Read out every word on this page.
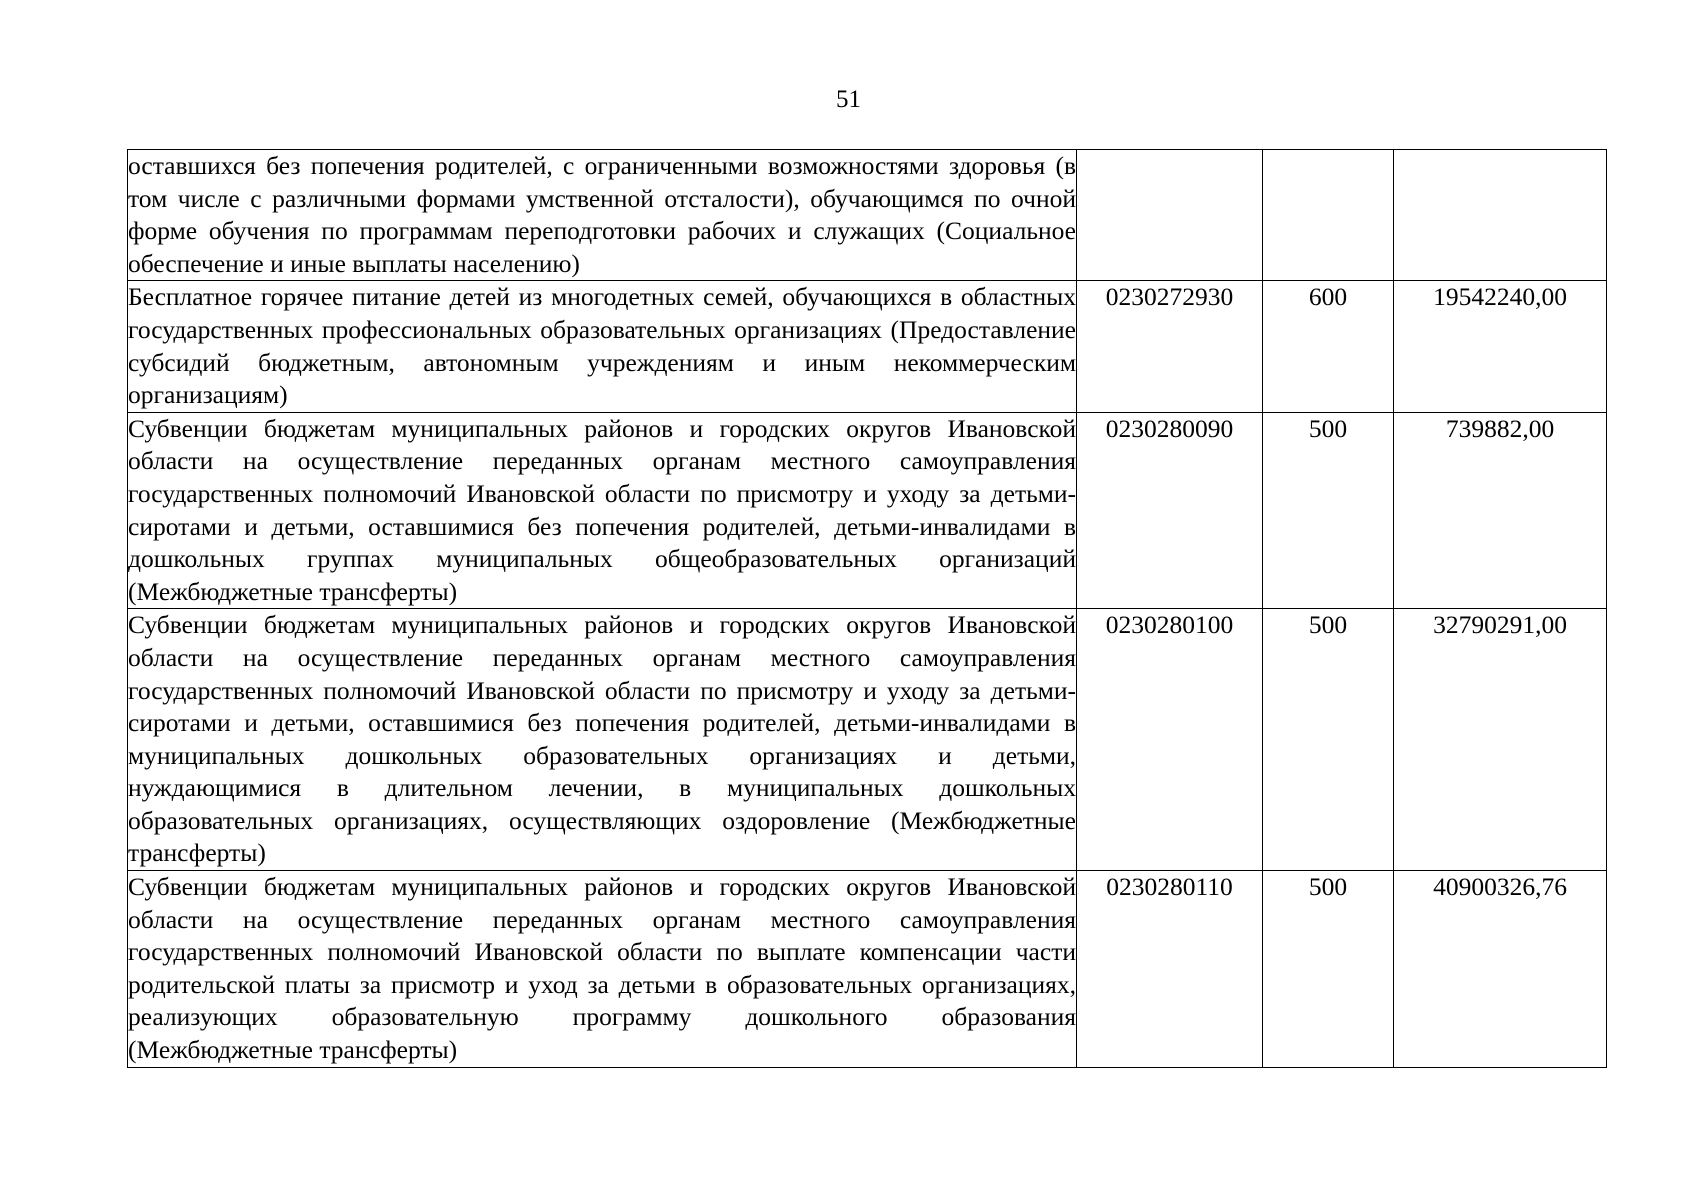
51
оставшихся без попечения родителей, с ограниченными возможностями здоровья (в том числе с различными формами умственной отсталости), обучающимся по очной форме обучения по программам переподготовки рабочих и служащих (Социальное обеспечение и иные выплаты населению)			
Бесплатное горячее питание детей из многодетных семей, обучающихся в областных государственных профессиональных образовательных организациях (Предоставление субсидий бюджетным, автономным учреждениям и иным некоммерческим организациям)	0230272930	600	19542240,00
Субвенции бюджетам муниципальных районов и городских округов Ивановской области на осуществление переданных органам местного самоуправления государственных полномочий Ивановской области по присмотру и уходу за детьми-сиротами и детьми, оставшимися без попечения родителей, детьми-инвалидами в дошкольных группах муниципальных общеобразовательных организаций (Межбюджетные трансферты)	0230280090	500	739882,00
Субвенции бюджетам муниципальных районов и городских округов Ивановской области на осуществление переданных органам местного самоуправления государственных полномочий Ивановской области по присмотру и уходу за детьми-сиротами и детьми, оставшимися без попечения родителей, детьми-инвалидами в муниципальных дошкольных образовательных организациях и детьми, нуждающимися в длительном лечении, в муниципальных дошкольных образовательных организациях, осуществляющих оздоровление (Межбюджетные трансферты)	0230280100	500	32790291,00
Субвенции бюджетам муниципальных районов и городских округов Ивановской области на осуществление переданных органам местного самоуправления государственных полномочий Ивановской области по выплате компенсации части родительской платы за присмотр и уход за детьми в образовательных организациях, реализующих образовательную программу дошкольного образования (Межбюджетные трансферты)	0230280110	500	40900326,76
